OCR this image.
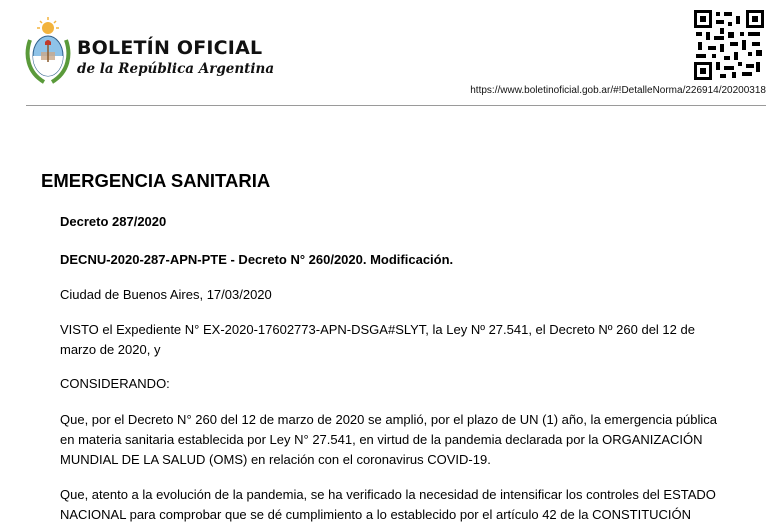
BOLETÍN OFICIAL
de la República Argentina
https://www.boletinoficial.gob.ar/#!DetalleNorma/226914/20200318
EMERGENCIA SANITARIA
Decreto 287/2020
DECNU-2020-287-APN-PTE - Decreto N° 260/2020. Modificación.
Ciudad de Buenos Aires, 17/03/2020
VISTO el Expediente N° EX-2020-17602773-APN-DSGA#SLYT, la Ley Nº 27.541, el Decreto Nº 260 del 12 de
marzo de 2020, y
CONSIDERANDO:
Que, por el Decreto N° 260 del 12 de marzo de 2020 se amplió, por el plazo de UN (1) año, la emergencia pública
en materia sanitaria establecida por Ley N° 27.541, en virtud de la pandemia declarada por la ORGANIZACIÓN
MUNDIAL DE LA SALUD (OMS) en relación con el coronavirus COVID-19.
Que, atento a la evolución de la pandemia, se ha verificado la necesidad de intensificar los controles del ESTADO
NACIONAL para comprobar que se dé cumplimiento a lo establecido por el artículo 42 de la CONSTITUCIÓN
